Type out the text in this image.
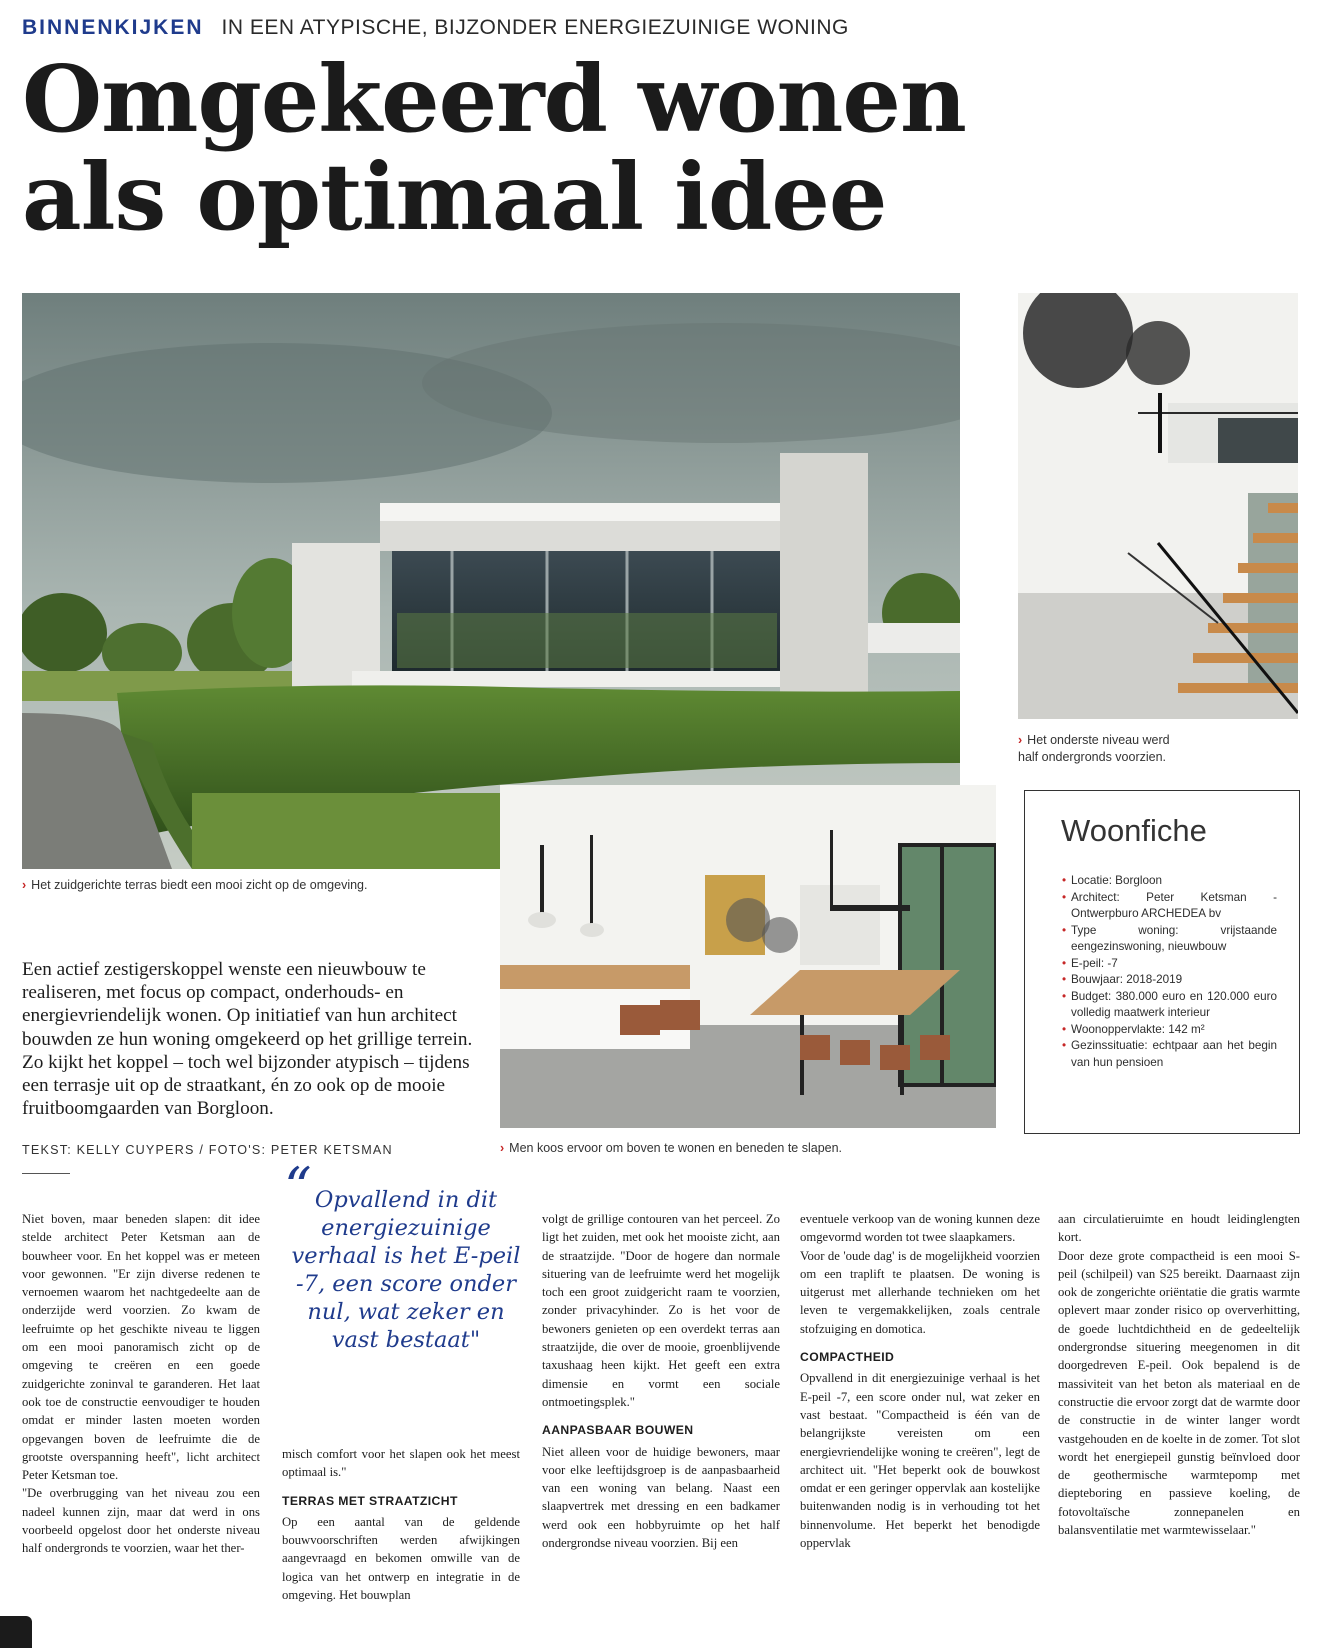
BINNENKIJKEN IN EEN ATYPISCHE, BIJZONDER ENERGIEZUINIGE WONING
Omgekeerd wonen
als optimaal idee
› Het zuidgerichte terras biedt een mooi zicht op de omgeving.
› Het onderste niveau werd
half ondergronds voorzien.
› Men koos ervoor om boven te wonen en beneden te slapen.
Woonfiche
• Locatie: Borgloon
• Architect: Peter Ketsman - Ontwerpburo ARCHEDEA bv
• Type woning: vrijstaande eengezinswoning, nieuwbouw
• E-peil: -7
• Bouwjaar: 2018-2019
• Budget: 380.000 euro en 120.000 euro volledig maatwerk interieur
• Woonoppervlakte: 142 m²
• Gezinssituatie: echtpaar aan het begin van hun pensioen

Een actief zestigerskoppel wenste een nieuwbouw te realiseren, met focus op compact, onderhouds- en energievriendelijk wonen. Op initiatief van hun architect bouwden ze hun woning omgekeerd op het grillige terrein. Zo kijkt het koppel – toch wel bijzonder atypisch – tijdens een terrasje uit op de straatkant, én zo ook op de mooie fruitboomgaarden van Borgloon.

TEKST: KELLY CUYPERS / FOTO'S: PETER KETSMAN

Niet boven, maar beneden slapen: dit idee stelde architect Peter Ketsman aan de bouwheer voor. En het koppel was er meteen voor gewonnen. "Er zijn diverse redenen te vernoemen waarom het nachtgedeelte aan de onderzijde werd voorzien. Zo kwam de leefruimte op het geschikte niveau te liggen om een mooi panoramisch zicht op de omgeving te creëren en een goede zuidgerichte zoninval te garanderen. Het laat ook toe de constructie eenvoudiger te houden omdat er minder lasten moeten worden opgevangen boven de leefruimte die de grootste overspanning heeft", licht architect Peter Ketsman toe.

"De overbrugging van het niveau zou een nadeel kunnen zijn, maar dat werd in ons voorbeeld opgelost door het onderste niveau half ondergronds te voorzien, waar het ther-

“ Opvallend in dit energiezuinige verhaal is het E-peil -7, een score onder nul, wat zeker en vast bestaat"

misch comfort voor het slapen ook het meest optimaal is."

TERRAS MET STRAATZICHT

Op een aantal van de geldende bouwvoorschriften werden afwijkingen aangevraagd en bekomen omwille van de logica van het ontwerp en integratie in de omgeving. Het bouwplan

volgt de grillige contouren van het perceel. Zo ligt het zuiden, met ook het mooiste zicht, aan de straatzijde. "Door de hogere dan normale situering van de leefruimte werd het mogelijk toch een groot zuidgericht raam te voorzien, zonder privacyhinder. Zo is het voor de bewoners genieten op een overdekt terras aan straatzijde, die over de mooie, groenblijvende taxushaag heen kijkt. Het geeft een extra dimensie en vormt een sociale ontmoetingsplek."

AANPASBAAR BOUWEN

Niet alleen voor de huidige bewoners, maar voor elke leeftijdsgroep is de aanpasbaarheid van een woning van belang. Naast een slaapvertrek met dressing en een badkamer werd ook een hobbyruimte op het half ondergrondse niveau voorzien. Bij een

eventuele verkoop van de woning kunnen deze omgevormd worden tot twee slaapkamers.

Voor de 'oude dag' is de mogelijkheid voorzien om een traplift te plaatsen. De woning is uitgerust met allerhande technieken om het leven te vergemakkelijken, zoals centrale stofzuiging en domotica.

COMPACTHEID

Opvallend in dit energiezuinige verhaal is het E-peil -7, een score onder nul, wat zeker en vast bestaat. "Compactheid is één van de belangrijkste vereisten om een energievriendelijke woning te creëren", legt de architect uit. "Het beperkt ook de bouwkost omdat er een geringer oppervlak aan kostelijke buitenwanden nodig is in verhouding tot het binnenvolume. Het beperkt het benodigde oppervlak

aan circulatieruimte en houdt leidinglengten kort.

Door deze grote compactheid is een mooi S-peil (schilpeil) van S25 bereikt. Daarnaast zijn ook de zongerichte oriëntatie die gratis warmte oplevert maar zonder risico op oververhitting, de goede luchtdichtheid en de gedeeltelijk ondergrondse situering meegenomen in dit doorgedreven E-peil. Ook bepalend is de massiviteit van het beton als materiaal en de constructie die ervoor zorgt dat de warmte door de constructie in de winter langer wordt vastgehouden en de koelte in de zomer. Tot slot wordt het energiepeil gunstig beïnvloed door de geothermische warmtepomp met diepteboring en passieve koeling, de fotovoltaïsche zonnepanelen en balansventilatie met warmtewisselaar."
